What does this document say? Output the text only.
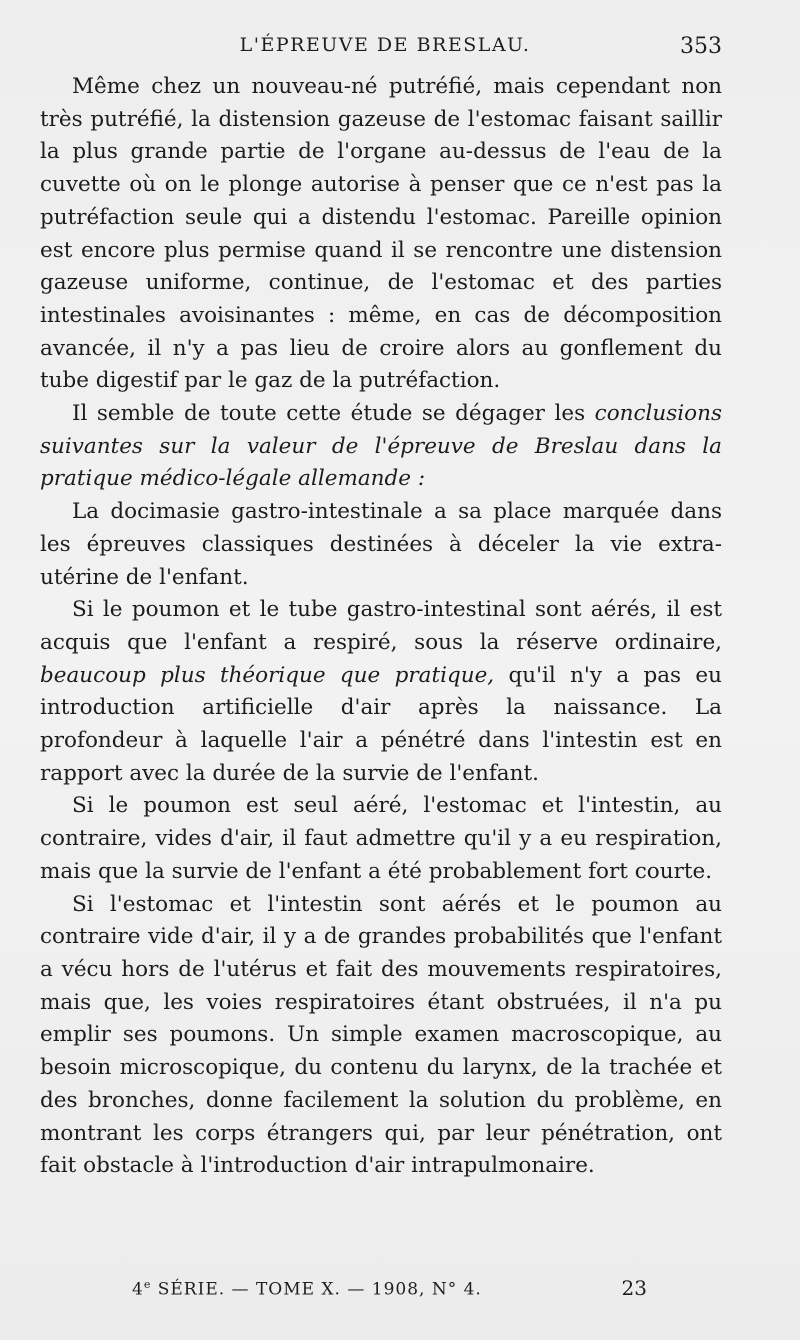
L'ÉPREUVE DE BRESLAU.	353

Même chez un nouveau-né putréfié, mais cependant non très putréfié, la distension gazeuse de l'estomac faisant saillir la plus grande partie de l'organe au-dessus de l'eau de la cuvette où on le plonge autorise à penser que ce n'est pas la putréfaction seule qui a distendu l'estomac. Pareille opinion est encore plus permise quand il se rencontre une distension gazeuse uniforme, continue, de l'estomac et des parties intestinales avoisinantes : même, en cas de décomposition avancée, il n'y a pas lieu de croire alors au gonflement du tube digestif par le gaz de la putréfaction.

Il semble de toute cette étude se dégager les conclusions suivantes sur la valeur de l'épreuve de Breslau dans la pratique médico-légale allemande :

La docimasie gastro-intestinale a sa place marquée dans les épreuves classiques destinées à déceler la vie extra-utérine de l'enfant.

Si le poumon et le tube gastro-intestinal sont aérés, il est acquis que l'enfant a respiré, sous la réserve ordinaire, beaucoup plus théorique que pratique, qu'il n'y a pas eu introduction artificielle d'air après la naissance. La profondeur à laquelle l'air a pénétré dans l'intestin est en rapport avec la durée de la survie de l'enfant.

Si le poumon est seul aéré, l'estomac et l'intestin, au contraire, vides d'air, il faut admettre qu'il y a eu respiration, mais que la survie de l'enfant a été probablement fort courte.

Si l'estomac et l'intestin sont aérés et le poumon au contraire vide d'air, il y a de grandes probabilités que l'enfant a vécu hors de l'utérus et fait des mouvements respiratoires, mais que, les voies respiratoires étant obstruées, il n'a pu emplir ses poumons. Un simple examen macroscopique, au besoin microscopique, du contenu du larynx, de la trachée et des bronches, donne facilement la solution du problème, en montrant les corps étrangers qui, par leur pénétration, ont fait obstacle à l'introduction d'air intrapulmonaire.

4e SÉRIE. — TOME X. — 1908, N° 4.	23
